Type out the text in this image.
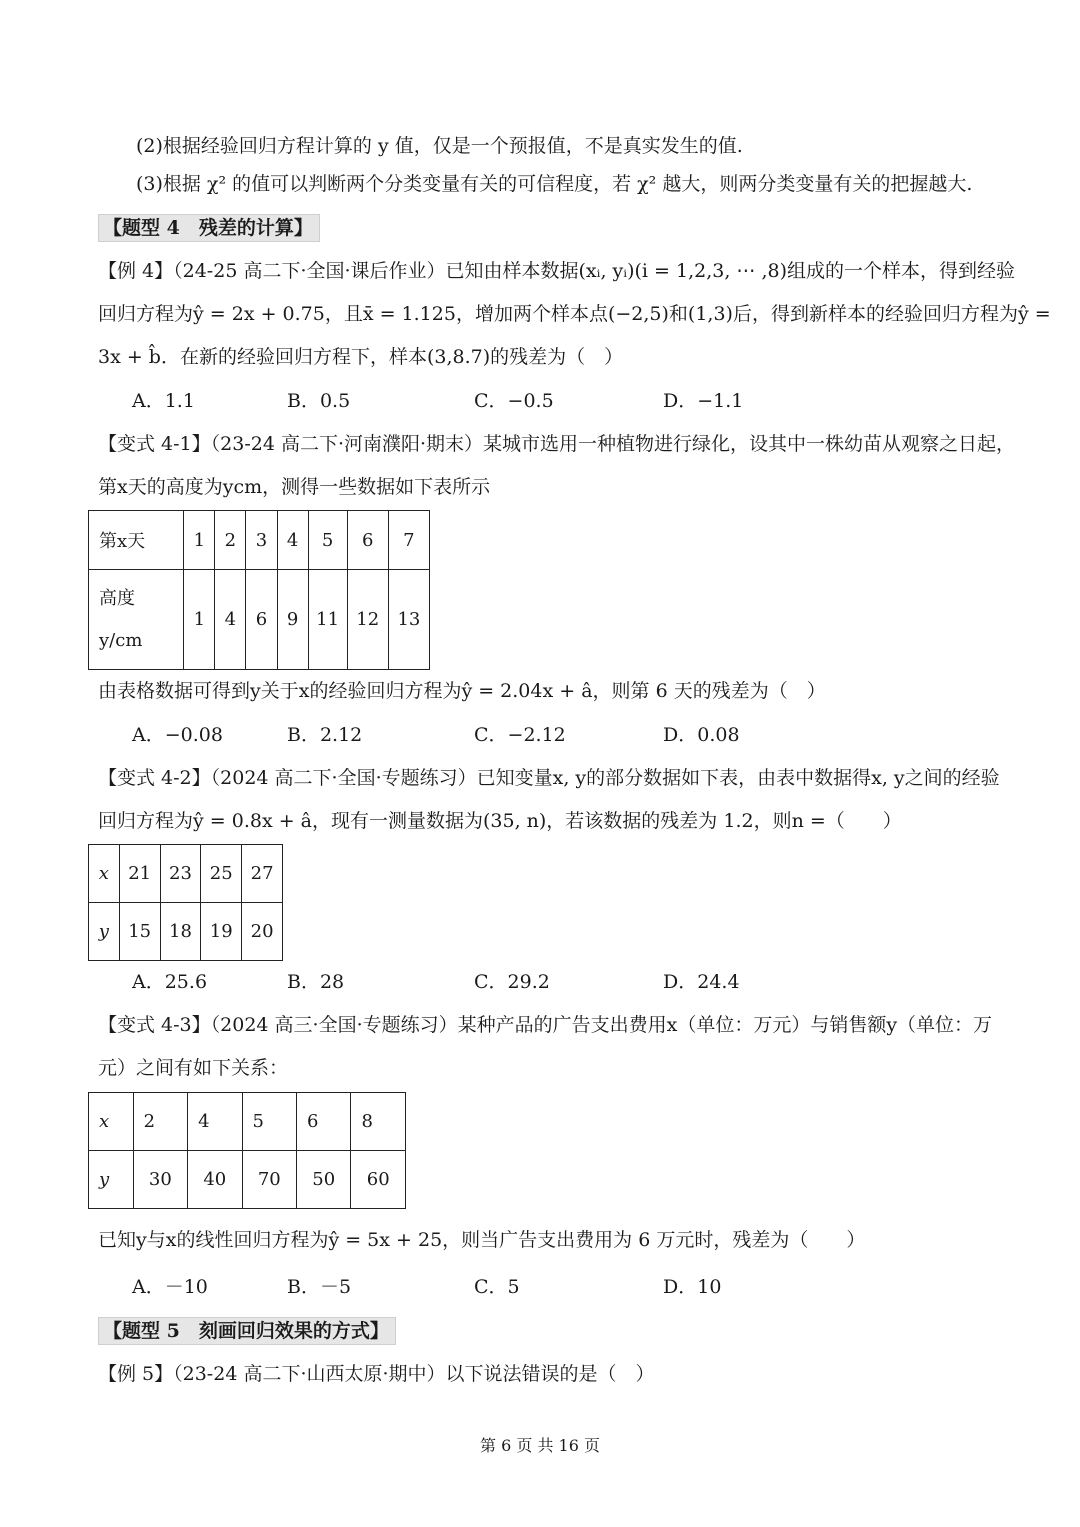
(2)根据经验回归方程计算的 y 值，仅是一个预报值，不是真实发生的值.
(3)根据 χ² 的值可以判断两个分类变量有关的可信程度，若 χ² 越大，则两分类变量有关的把握越大.
【题型 4　残差的计算】
【例 4】（24-25 高二下·全国·课后作业）已知由样本数据(xᵢ, yᵢ)(i = 1,2,3, ⋯ ,8)组成的一个样本，得到经验
回归方程为ŷ = 2x + 0.75，且x̄ = 1.125，增加两个样本点(−2,5)和(1,3)后，得到新样本的经验回归方程为ŷ =
3x + b̂．在新的经验回归方程下，样本(3,8.7)的残差为（　）
A．1.1	B．0.5	C．−0.5	D．−1.1
【变式 4-1】（23-24 高二下·河南濮阳·期末）某城市选用一种植物进行绿化，设其中一株幼苗从观察之日起，
第x天的高度为ycm，测得一些数据如下表所示
第x天	1	2	3	4	5	6	7

高度
y/cm	1	4	6	9	11	12	13
由表格数据可得到y关于x的经验回归方程为ŷ = 2.04x + â，则第 6 天的残差为（　）
A．−0.08	B．2.12	C．−2.12	D．0.08
【变式 4-2】（2024 高二下·全国·专题练习）已知变量x, y的部分数据如下表，由表中数据得x, y之间的经验
回归方程为ŷ = 0.8x + â，现有一测量数据为(35, n)，若该数据的残差为 1.2，则n =（　　）
x	21	23	25	27
y	15	18	19	20
A．25.6	B．28	C．29.2	D．24.4
【变式 4-3】（2024 高三·全国·专题练习）某种产品的广告支出费用x（单位：万元）与销售额y（单位：万
元）之间有如下关系：
x	2	4	5	6	8
y	30	40	70	50	60
已知y与x的线性回归方程为ŷ = 5x + 25，则当广告支出费用为 6 万元时，残差为（　　）
A．－10	B．－5	C．5	D．10
【题型 5　刻画回归效果的方式】
【例 5】（23-24 高二下·山西太原·期中）以下说法错误的是（　）
第 6 页 共 16 页
